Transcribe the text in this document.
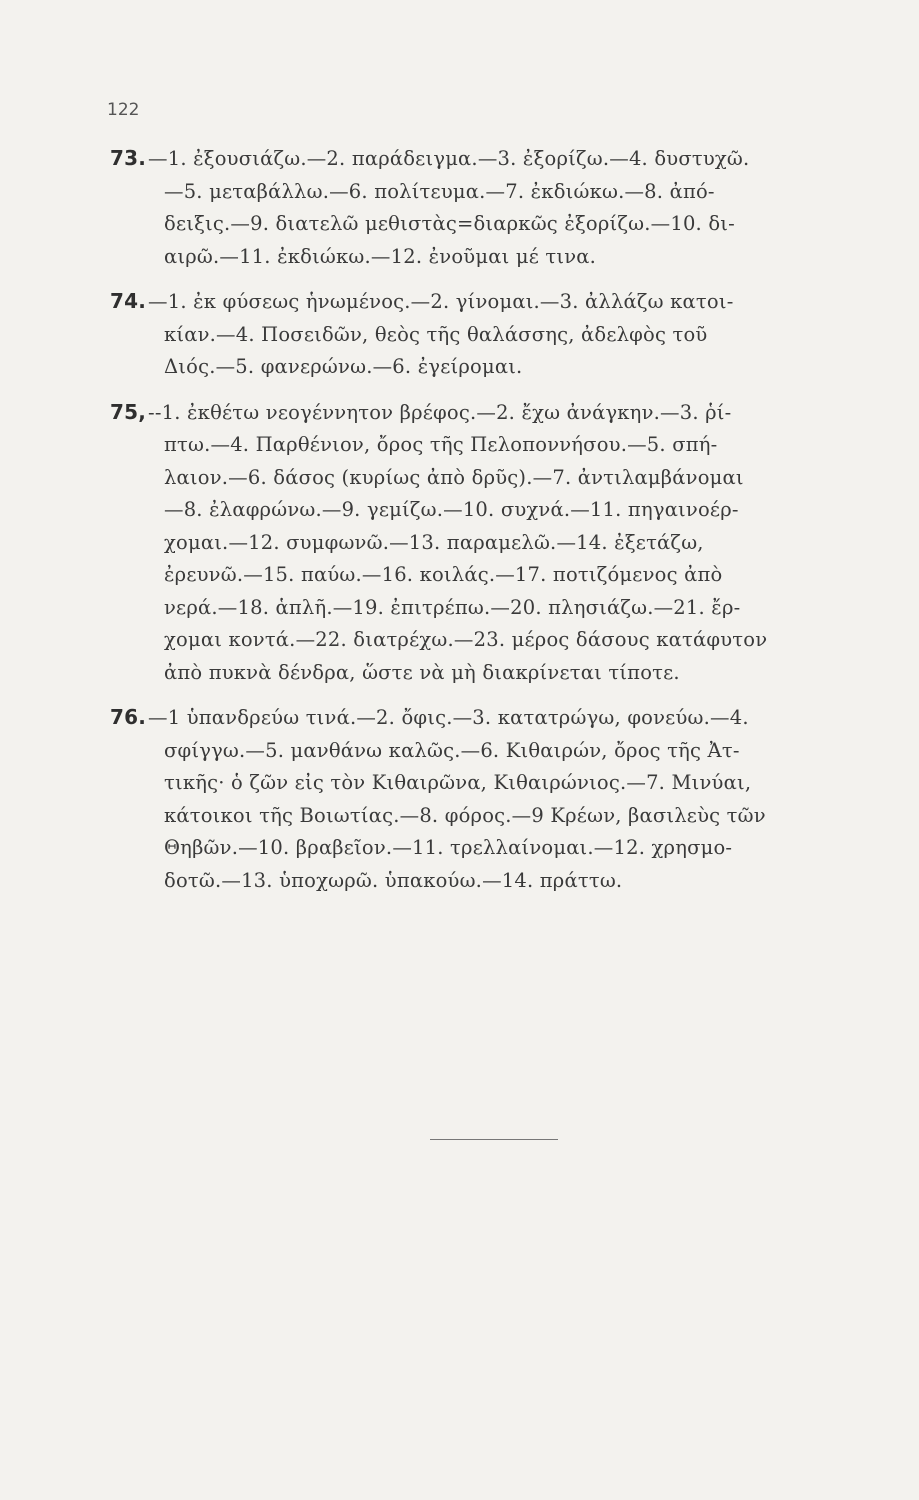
122
73. —1. ἐξουσιάζω.—2. παράδειγμα.—3. ἐξορίζω.—4. δυστυχῶ.
—5. μεταβάλλω.—6. πολίτευμα.—7. ἐκδιώκω.—8. ἀπό-
δειξις.—9. διατελῶ μεθιστὰς=διαρκῶς ἐξορίζω.—10. δι-
αιρῶ.—11. ἐκδιώκω.—12. ἐνοῦμαι μέ τινα.
74. —1. ἐκ φύσεως ἡνωμένος.—2. γίνομαι.—3. ἀλλάζω κατοι-
κίαν.—4. Ποσειδῶν, θεὸς τῆς θαλάσσης, ἀδελφὸς τοῦ
Διός.—5. φανερώνω.—6. ἐγείρομαι.
75, --1. ἐκθέτω νεογέννητον βρέφος.—2. ἔχω ἀνάγκην.—3. ῥί-
πτω.—4. Παρθένιον, ὄρος τῆς Πελοποννήσου.—5. σπή-
λαιον.—6. δάσος (κυρίως ἀπὸ δρῦς).—7. ἀντιλαμβάνομαι
—8. ἐλαφρώνω.—9. γεμίζω.—10. συχνά.—11. πηγαινοέρ-
χομαι.—12. συμφωνῶ.—13. παραμελῶ.—14. ἐξετάζω,
ἐρευνῶ.—15. παύω.—16. κοιλάς.—17. ποτιζόμενος ἀπὸ
νερά.—18. ἁπλῆ.—19. ἐπιτρέπω.—20. πλησιάζω.—21. ἔρ-
χομαι κοντά.—22. διατρέχω.—23. μέρος δάσους κατάφυτον
ἀπὸ πυκνὰ δένδρα, ὥστε νὰ μὴ διακρίνεται τίποτε.
76. —1 ὑπανδρεύω τινά.—2. ὄφις.—3. κατατρώγω, φονεύω.—4.
σφίγγω.—5. μανθάνω καλῶς.—6. Κιθαιρών, ὄρος τῆς Ἀτ-
τικῆς· ὁ ζῶν εἰς τὸν Κιθαιρῶνα, Κιθαιρώνιος.—7. Μινύαι,
κάτοικοι τῆς Βοιωτίας.—8. φόρος.—9 Κρέων, βασιλεὺς τῶν
Θηβῶν.—10. βραβεῖον.—11. τρελλαίνομαι.—12. χρησμο-
δοτῶ.—13. ὑποχωρῶ. ὑπακούω.—14. πράττω.
